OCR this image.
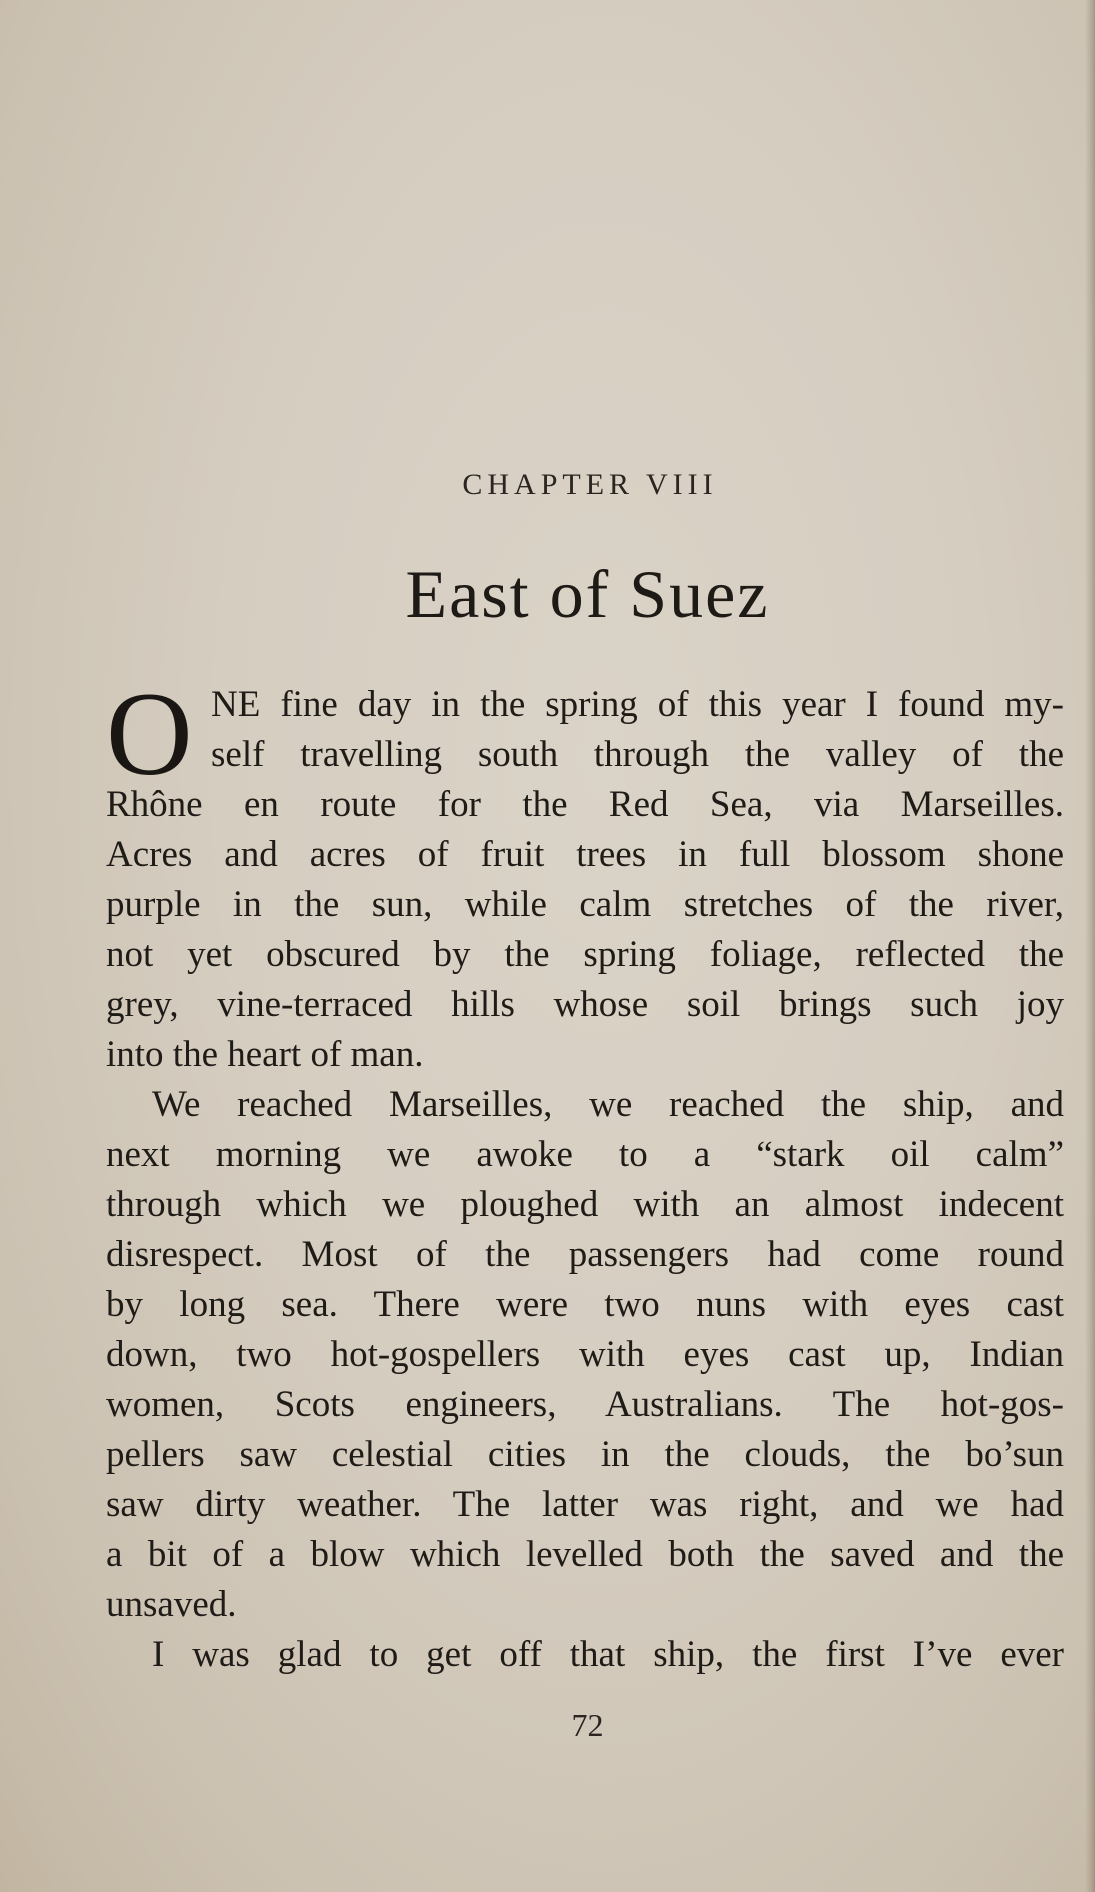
CHAPTER VIII
East of Suez
O NE fine day in the spring of this year I found my-
self travelling south through the valley of the
Rhône en route for the Red Sea, via Marseilles.
Acres and acres of fruit trees in full blossom shone
purple in the sun, while calm stretches of the river,
not yet obscured by the spring foliage, reflected the
grey, vine-terraced hills whose soil brings such joy
into the heart of man.
We reached Marseilles, we reached the ship, and
next morning we awoke to a “stark oil calm”
through which we ploughed with an almost indecent
disrespect. Most of the passengers had come round
by long sea. There were two nuns with eyes cast
down, two hot-gospellers with eyes cast up, Indian
women, Scots engineers, Australians. The hot-gos-
pellers saw celestial cities in the clouds, the bo’sun
saw dirty weather. The latter was right, and we had
a bit of a blow which levelled both the saved and the
unsaved.
I was glad to get off that ship, the first I’ve ever
72
